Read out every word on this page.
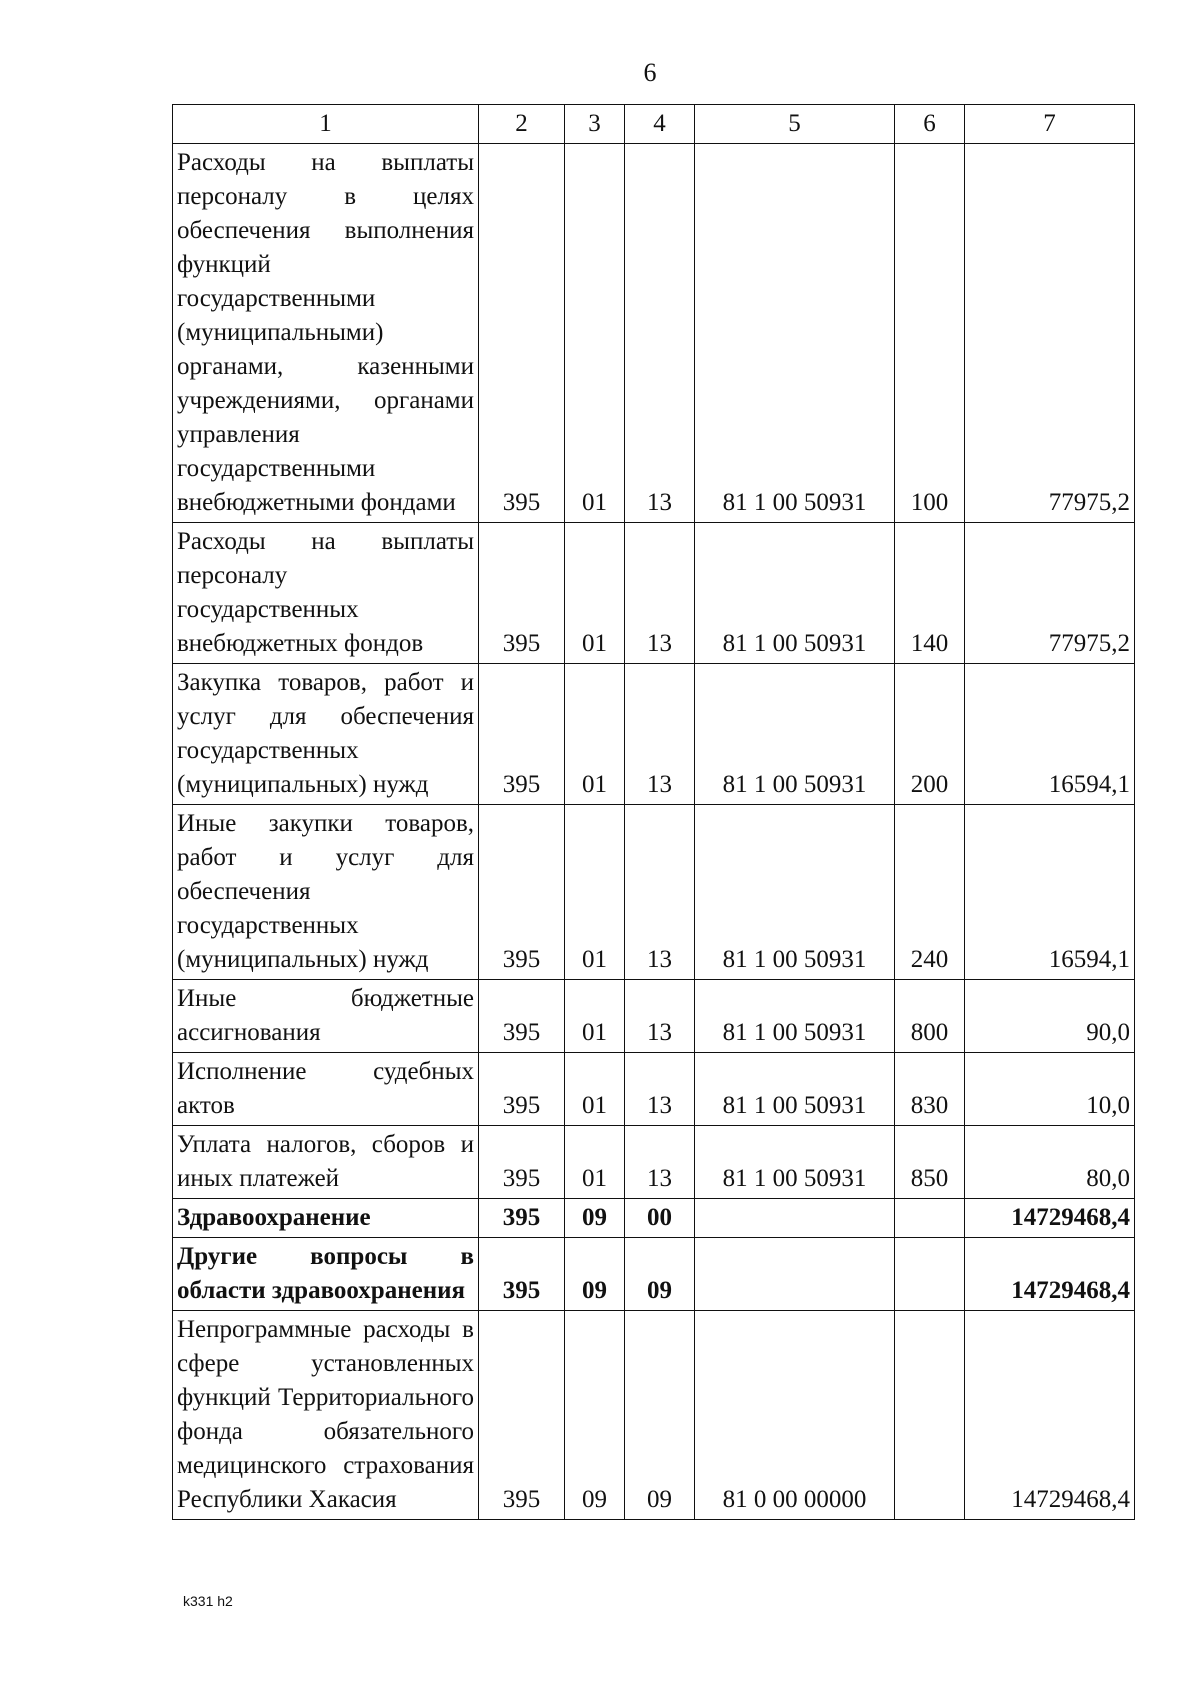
6
1	2	3	4	5	6	7
Расходы на выплаты персоналу в целях обеспечения выполнения функций государственными (муниципальными) органами, казенными учреждениями, органами управления государственными внебюджетными фондами	395	01	13	81 1 00 50931	100	77975,2
Расходы на выплаты персоналу государственных внебюджетных фондов	395	01	13	81 1 00 50931	140	77975,2
Закупка товаров, работ и услуг для обеспечения государственных (муниципальных) нужд	395	01	13	81 1 00 50931	200	16594,1
Иные закупки товаров, работ и услуг для обеспечения государственных (муниципальных) нужд	395	01	13	81 1 00 50931	240	16594,1
Иные бюджетные ассигнования	395	01	13	81 1 00 50931	800	90,0
Исполнение судебных актов	395	01	13	81 1 00 50931	830	10,0
Уплата налогов, сборов и иных платежей	395	01	13	81 1 00 50931	850	80,0
Здравоохранение	395	09	00			14729468,4
Другие вопросы в области здравоохранения	395	09	09			14729468,4
Непрограммные расходы в сфере установленных функций Территориального фонда обязательного медицинского страхования Республики Хакасия	395	09	09	81 0 00 00000		14729468,4
k331 h2
